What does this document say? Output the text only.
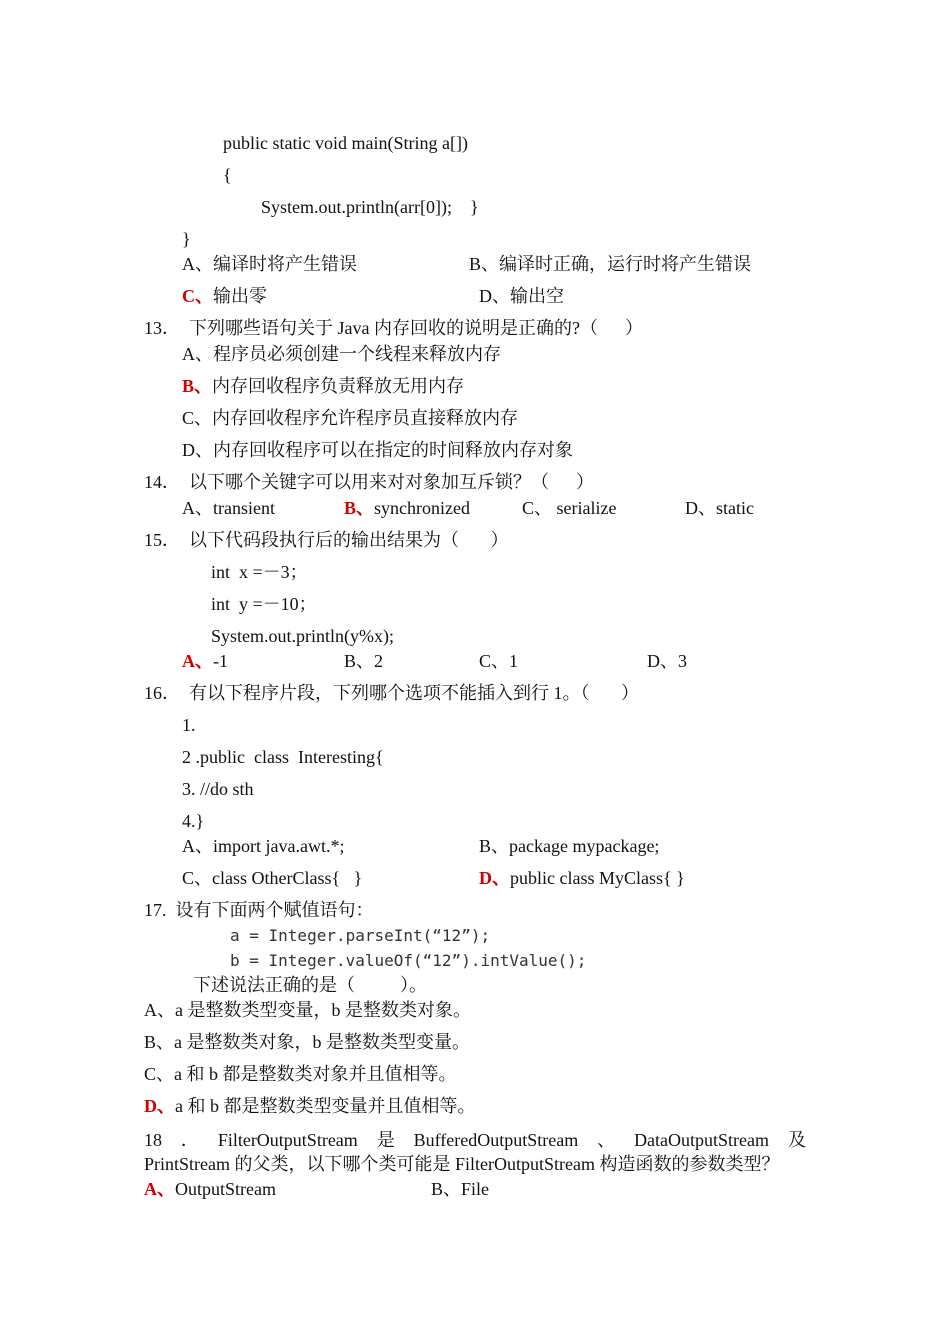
public static void main(String a[])
{
System.out.println(arr[0]);    }
}
A、编译时将产生错误	B、编译时正确，运行时将产生错误
C、输出零	D、输出空
13．  下列哪些语句关于 Java 内存回收的说明是正确的?（      ）
A、程序员必须创建一个线程来释放内存
B、内存回收程序负责释放无用内存
C、内存回收程序允许程序员直接释放内存
D、内存回收程序可以在指定的时间释放内存对象
14．  以下哪个关键字可以用来对对象加互斥锁？（      ）
A、transient	B、synchronized	C、 serialize	D、static
15．  以下代码段执行后的输出结果为（       ）
int  x =－3；
int  y =－10；
System.out.println(y%x);
A、-1	B、2	C、1	D、3
16．  有以下程序片段，下列哪个选项不能插入到行 1。（       ）
1.
2 .public  class  Interesting{
3. //do sth
4.}
A、import java.awt.*;	B、package mypackage;
C、class OtherClass{   }	D、public class MyClass{ }
17.  设有下面两个赋值语句：
a = Integer.parseInt(“12”);
b = Integer.valueOf(“12”).intValue();
下述说法正确的是（          ）。
A、a 是整数类型变量，b 是整数类对象。
B、a 是整数类对象，b 是整数类型变量。
C、a 和 b 都是整数类对象并且值相等。
D、a 和 b 都是整数类型变量并且值相等。
18 ． FilterOutputStream 是 BufferedOutputStream 、 DataOutputStream 及
PrintStream 的父类，以下哪个类可能是 FilterOutputStream 构造函数的参数类型？
A、OutputStream	B、File
